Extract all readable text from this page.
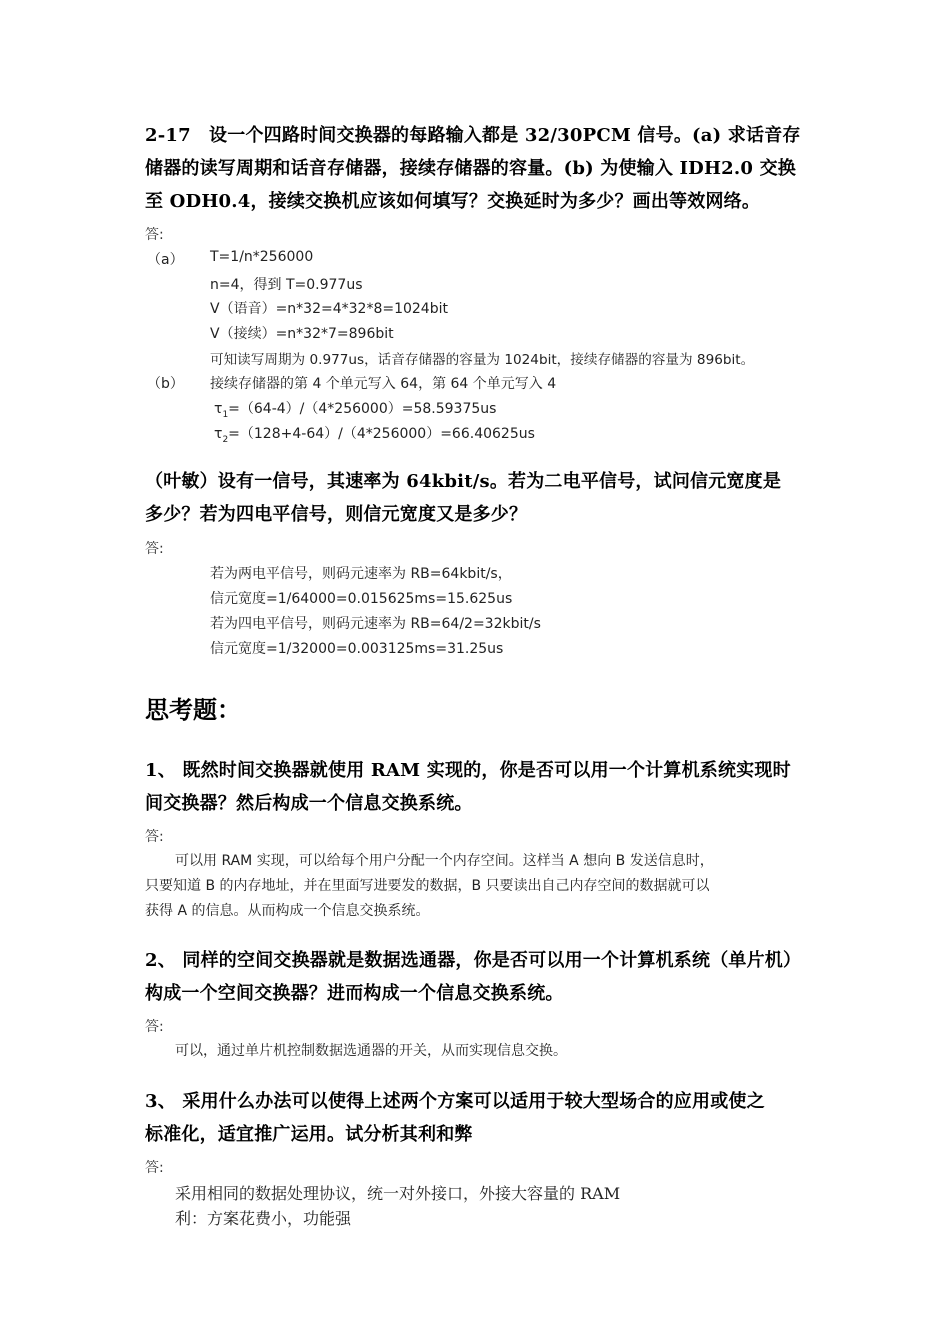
2-17　设一个四路时间交换器的每路输入都是 32/30PCM 信号。(a) 求话音存
储器的读写周期和话音存储器，接续存储器的容量。(b) 为使输入 IDH2.0 交换
至 ODH0.4，接续交换机应该如何填写？交换延时为多少？画出等效网络。
答:
（a） T=1/n*256000
n=4，得到 T=0.977us
V（语音）=n*32=4*32*8=1024bit
V（接续）=n*32*7=896bit
可知读写周期为 0.977us，话音存储器的容量为 1024bit，接续存储器的容量为 896bit。
（b） 接续存储器的第 4 个单元写入 64，第 64 个单元写入 4
$\tau_1=(64-4)/(4*256000)=58.59375us$
$\tau_2=(128+4-64)/(4*256000)=66.40625us$
（叶敏）设有一信号，其速率为 64kbit/s。若为二电平信号，试问信元宽度是
多少？若为四电平信号，则信元宽度又是多少？
答:
若为两电平信号，则码元速率为 RB=64kbit/s，
信元宽度=1/64000=0.015625ms=15.625us
若为四电平信号，则码元速率为 RB=64/2=32kbit/s
信元宽度=1/32000=0.003125ms=31.25us
思考题：
1、 既然时间交换器就使用 RAM 实现的，你是否可以用一个计算机系统实现时
间交换器？然后构成一个信息交换系统。
答:
可以用 RAM 实现，可以给每个用户分配一个内存空间。这样当 A 想向 B 发送信息时，
只要知道 B 的内存地址，并在里面写进要发的数据，B 只要读出自己内存空间的数据就可以
获得 A 的信息。从而构成一个信息交换系统。
2、 同样的空间交换器就是数据选通器，你是否可以用一个计算机系统（单片机）
构成一个空间交换器？进而构成一个信息交换系统。
答:
可以，通过单片机控制数据选通器的开关，从而实现信息交换。
3、 采用什么办法可以使得上述两个方案可以适用于较大型场合的应用或使之
标准化，适宜推广运用。试分析其利和弊
答:
采用相同的数据处理协议，统一对外接口，外接大容量的 RAM
利：方案花费小，功能强
